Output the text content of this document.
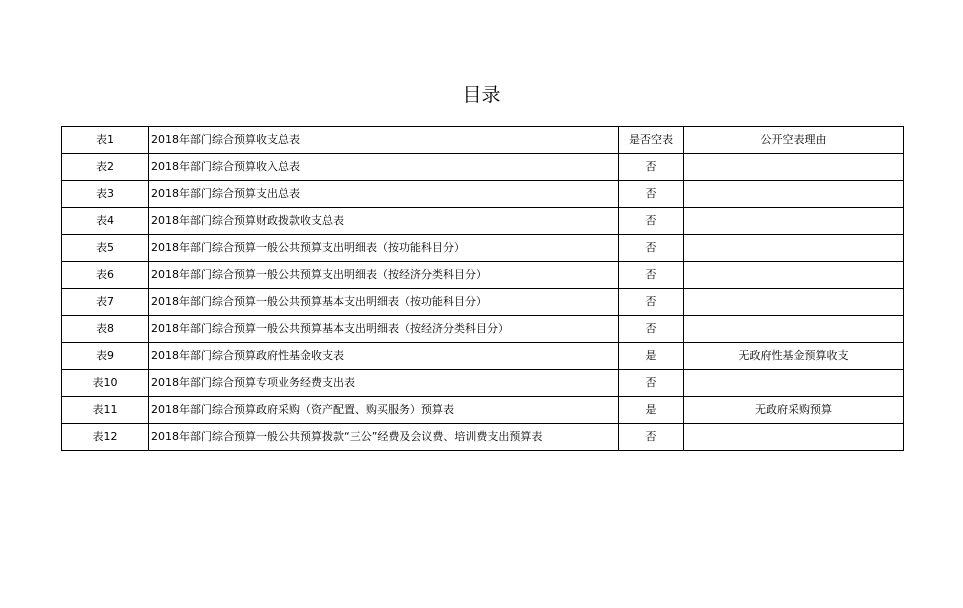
目录
表1	2018年部门综合预算收支总表	是否空表	公开空表理由
表2	2018年部门综合预算收入总表	否	
表3	2018年部门综合预算支出总表	否	
表4	2018年部门综合预算财政拨款收支总表	否	
表5	2018年部门综合预算一般公共预算支出明细表（按功能科目分）	否	
表6	2018年部门综合预算一般公共预算支出明细表（按经济分类科目分）	否	
表7	2018年部门综合预算一般公共预算基本支出明细表（按功能科目分）	否	
表8	2018年部门综合预算一般公共预算基本支出明细表（按经济分类科目分）	否	
表9	2018年部门综合预算政府性基金收支表	是	无政府性基金预算收支
表10	2018年部门综合预算专项业务经费支出表	否	
表11	2018年部门综合预算政府采购（资产配置、购买服务）预算表	是	无政府采购预算
表12	2018年部门综合预算一般公共预算拨款“三公”经费及会议费、培训费支出预算表	否	
